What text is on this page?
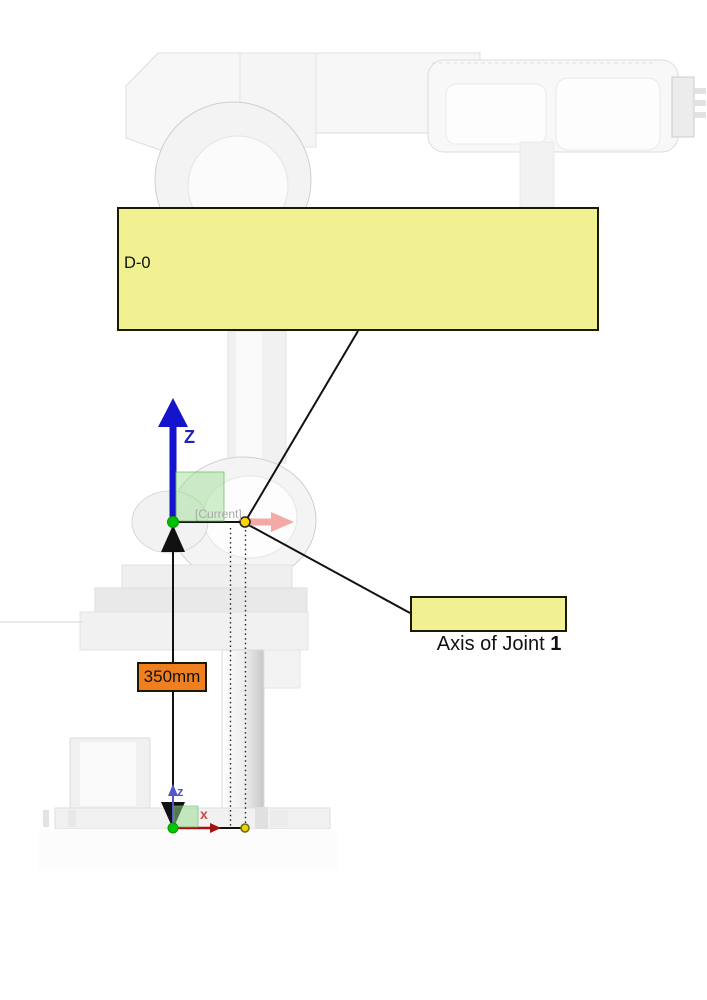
D-0

Axis of Joint 1

350mm
[Current]
Z
z
x
